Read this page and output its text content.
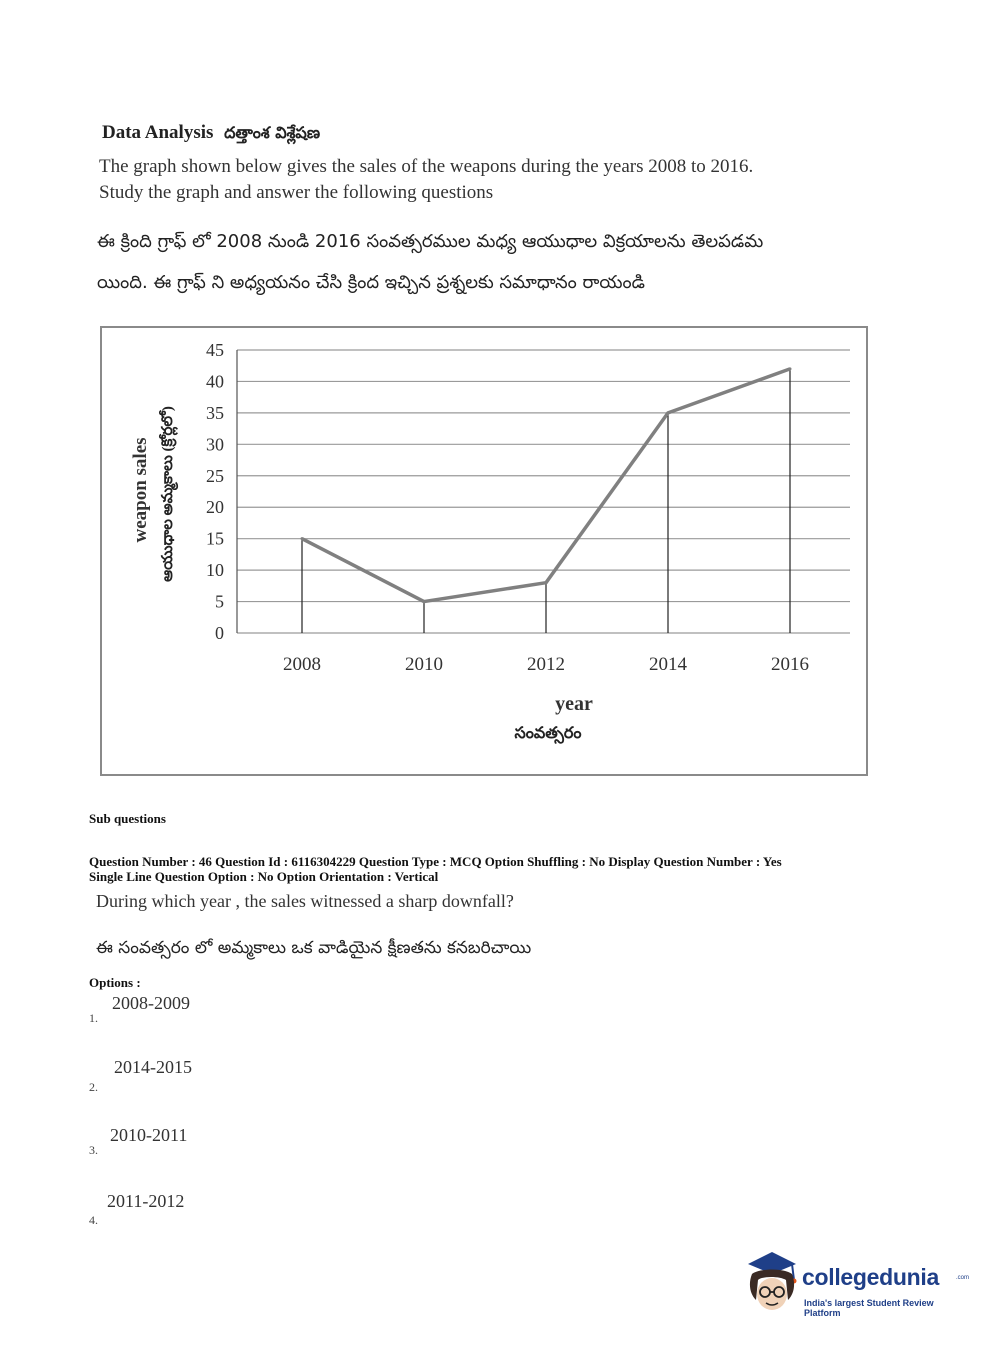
Data Analysis దత్తాంశ విశ్లేషణ
The graph shown below gives the sales of the weapons during the years 2008 to 2016.
Study the graph and answer the following questions
ఈ క్రింది గ్రాఫ్ లో 2008 నుండి 2016 సంవత్సరముల మధ్య ఆయుధాల విక్రయాలను తెలపడమ
యింది. ఈ గ్రాఫ్ ని అధ్యయనం చేసి క్రింద ఇచ్చిన ప్రశ్నలకు సమాధానం రాయండి
0
5
10
15
20
25
30
35
40
45
2008	2010	2012	2014	2016
year
సంవత్సరం
weapon sales ఆయుధాల అమ్మకాలు (క్రోర్లలో)
Sub questions
Question Number : 46 Question Id : 6116304229 Question Type : MCQ Option Shuffling : No Display Question Number : Yes
Single Line Question Option : No Option Orientation : Vertical
During which year , the sales witnessed a sharp downfall?
ఈ సంవత్సరం లో అమ్మకాలు ఒక వాడియైన క్షీణతను కనబరిచాయి
Options :
2008-2009
1.
2014-2015
2.
2010-2011
3.
2011-2012
4.
collegedunia	.com
India's largest Student Review Platform
